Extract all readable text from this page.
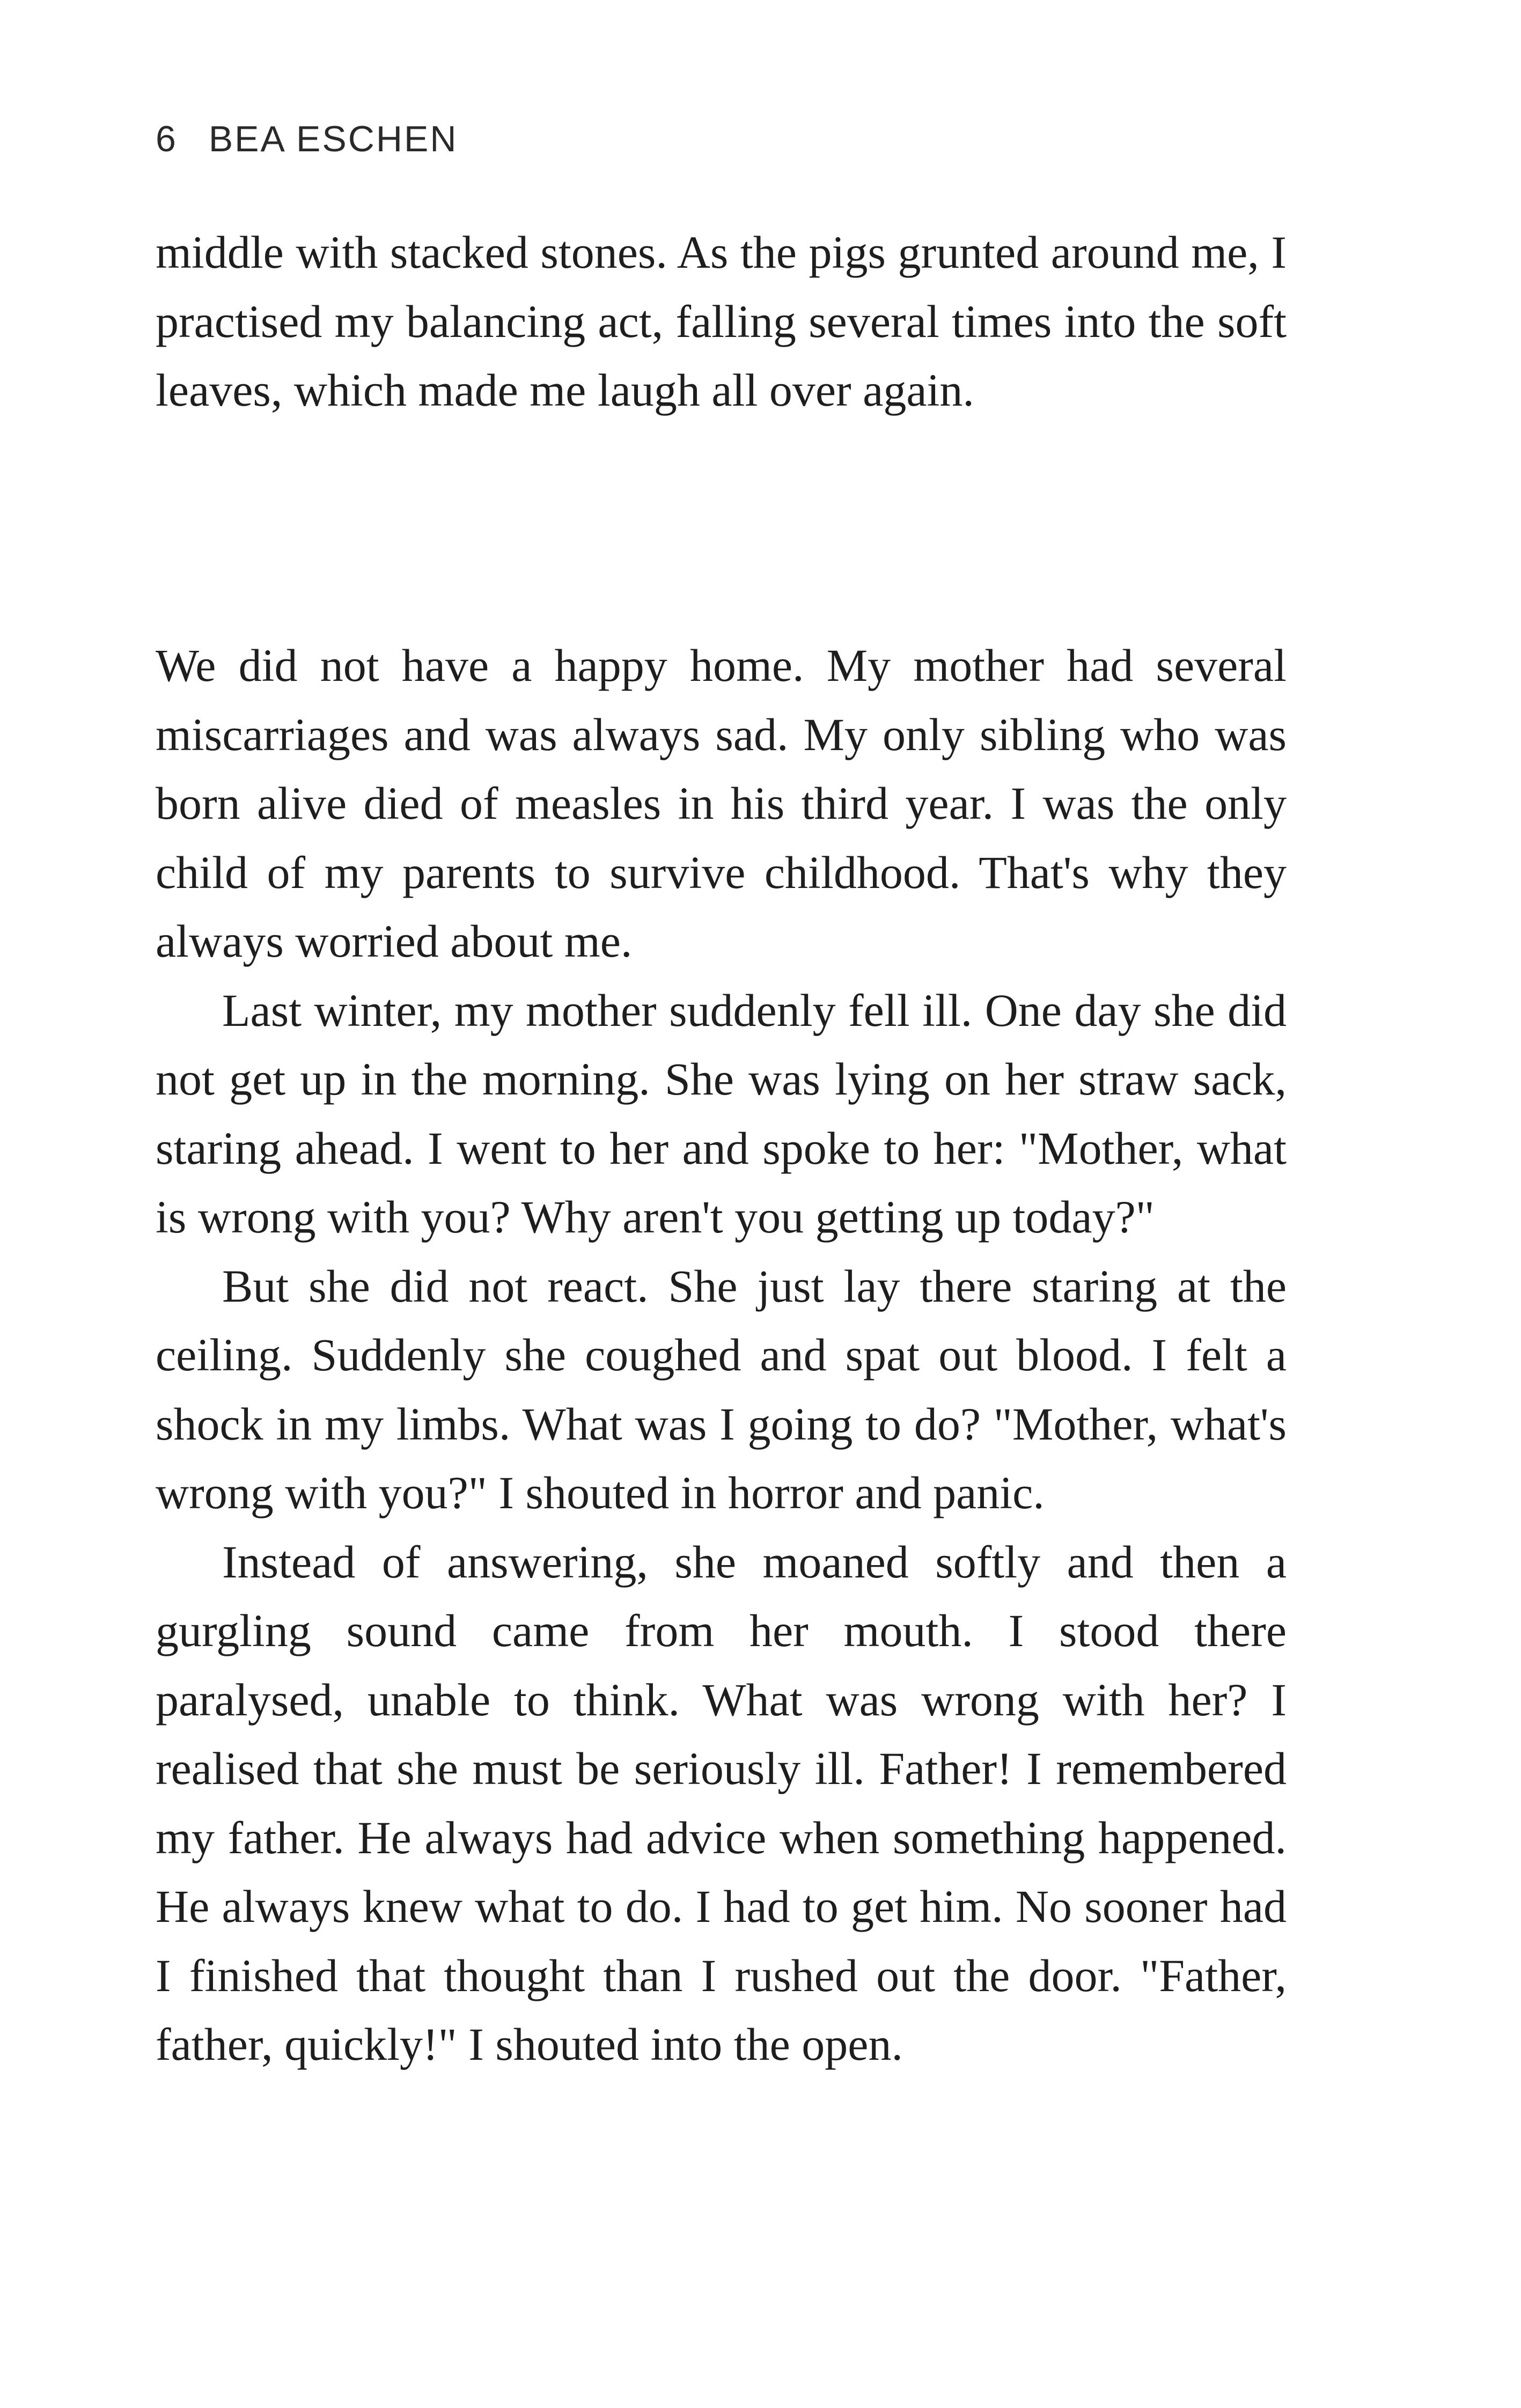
6 BEA ESCHEN

middle with stacked stones. As the pigs grunted around me, I practised my balancing act, falling several times into the soft leaves, which made me laugh all over again.

We did not have a happy home. My mother had several miscarriages and was always sad. My only sibling who was born alive died of measles in his third year. I was the only child of my parents to survive childhood. That's why they always worried about me.

Last winter, my mother suddenly fell ill. One day she did not get up in the morning. She was lying on her straw sack, staring ahead. I went to her and spoke to her: "Mother, what is wrong with you? Why aren't you getting up today?"

But she did not react. She just lay there staring at the ceiling. Suddenly she coughed and spat out blood. I felt a shock in my limbs. What was I going to do? "Mother, what's wrong with you?" I shouted in horror and panic.

Instead of answering, she moaned softly and then a gurgling sound came from her mouth. I stood there paralysed, unable to think. What was wrong with her? I realised that she must be seriously ill. Father! I remembered my father. He always had advice when something happened. He always knew what to do. I had to get him. No sooner had I finished that thought than I rushed out the door. "Father, father, quickly!" I shouted into the open.
